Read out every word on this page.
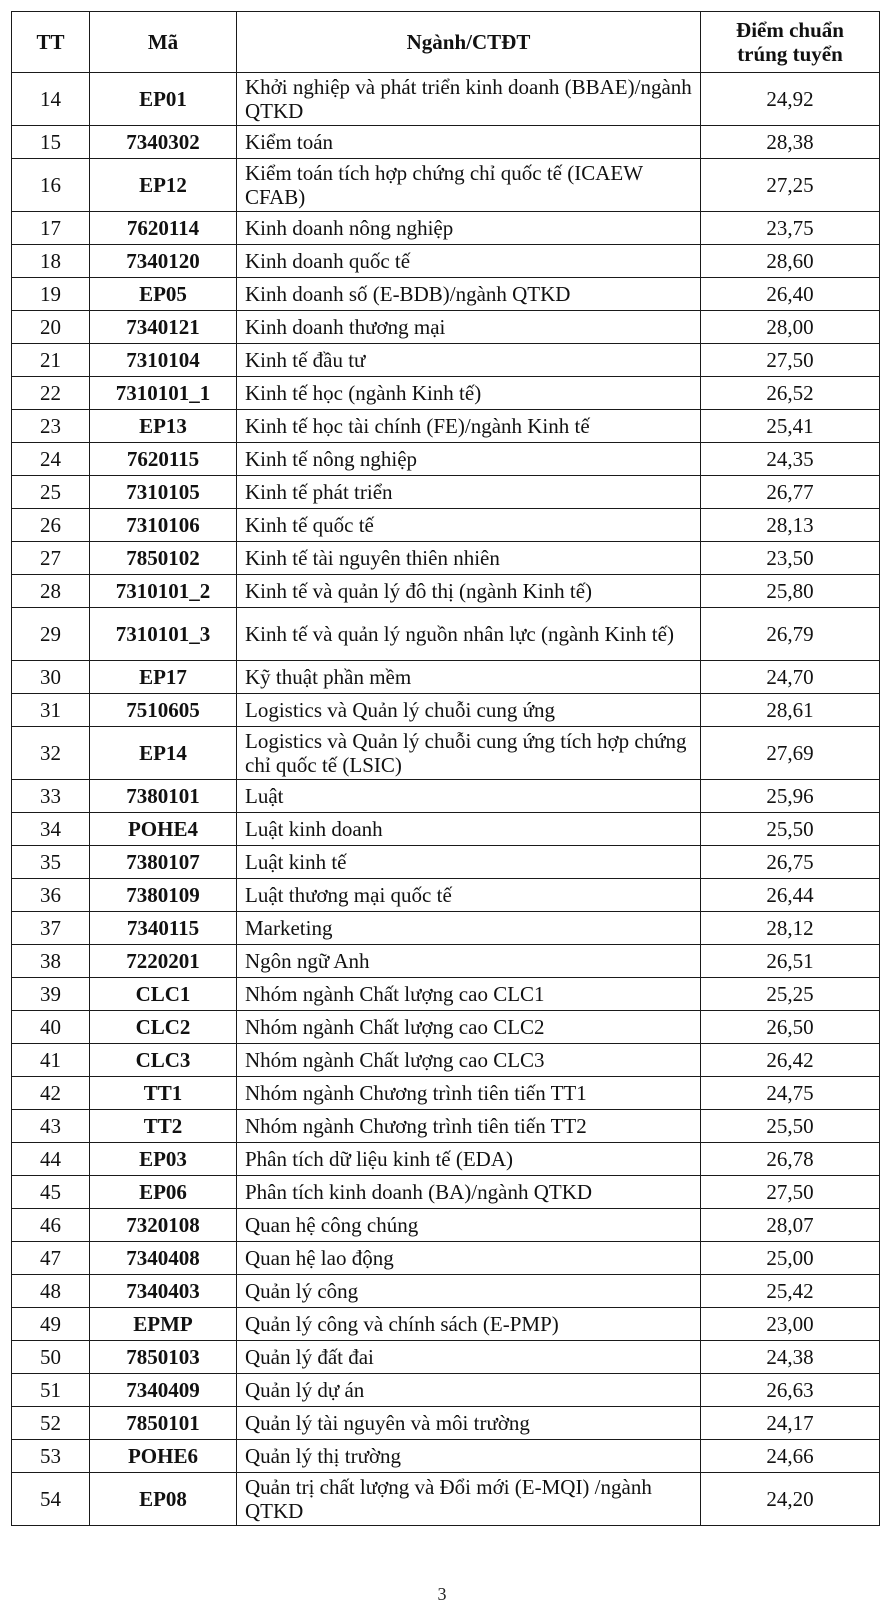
TT	Mã	Ngành/CTĐT	Điểm chuẩn
trúng tuyển

14	EP01	Khởi nghiệp và phát triển kinh doanh (BBAE)/ngành QTKD	24,92
15	7340302	Kiểm toán	28,38
16	EP12	Kiểm toán tích hợp chứng chỉ quốc tế (ICAEW CFAB)	27,25
17	7620114	Kinh doanh nông nghiệp	23,75
18	7340120	Kinh doanh quốc tế	28,60
19	EP05	Kinh doanh số (E-BDB)/ngành QTKD	26,40
20	7340121	Kinh doanh thương mại	28,00
21	7310104	Kinh tế đầu tư	27,50
22	7310101_1	Kinh tế học (ngành Kinh tế)	26,52
23	EP13	Kinh tế học tài chính (FE)/ngành Kinh tế	25,41
24	7620115	Kinh tế nông nghiệp	24,35
25	7310105	Kinh tế phát triển	26,77
26	7310106	Kinh tế quốc tế	28,13
27	7850102	Kinh tế tài nguyên thiên nhiên	23,50
28	7310101_2	Kinh tế và quản lý đô thị (ngành Kinh tế)	25,80
29	7310101_3	Kinh tế và quản lý nguồn nhân lực (ngành Kinh tế)	26,79
30	EP17	Kỹ thuật phần mềm	24,70
31	7510605	Logistics và Quản lý chuỗi cung ứng	28,61
32	EP14	Logistics và Quản lý chuỗi cung ứng tích hợp chứng chỉ quốc tế (LSIC)	27,69
33	7380101	Luật	25,96
34	POHE4	Luật kinh doanh	25,50
35	7380107	Luật kinh tế	26,75
36	7380109	Luật thương mại quốc tế	26,44
37	7340115	Marketing	28,12
38	7220201	Ngôn ngữ Anh	26,51
39	CLC1	Nhóm ngành Chất lượng cao CLC1	25,25
40	CLC2	Nhóm ngành Chất lượng cao CLC2	26,50
41	CLC3	Nhóm ngành Chất lượng cao CLC3	26,42
42	TT1	Nhóm ngành Chương trình tiên tiến TT1	24,75
43	TT2	Nhóm ngành Chương trình tiên tiến TT2	25,50
44	EP03	Phân tích dữ liệu kinh tế (EDA)	26,78
45	EP06	Phân tích kinh doanh (BA)/ngành QTKD	27,50
46	7320108	Quan hệ công chúng	28,07
47	7340408	Quan hệ lao động	25,00
48	7340403	Quản lý công	25,42
49	EPMP	Quản lý công và chính sách (E-PMP)	23,00
50	7850103	Quản lý đất đai	24,38
51	7340409	Quản lý dự án	26,63
52	7850101	Quản lý tài nguyên và môi trường	24,17
53	POHE6	Quản lý thị trường	24,66
54	EP08	Quản trị chất lượng và Đổi mới (E-MQI) /ngành QTKD	24,20
3
